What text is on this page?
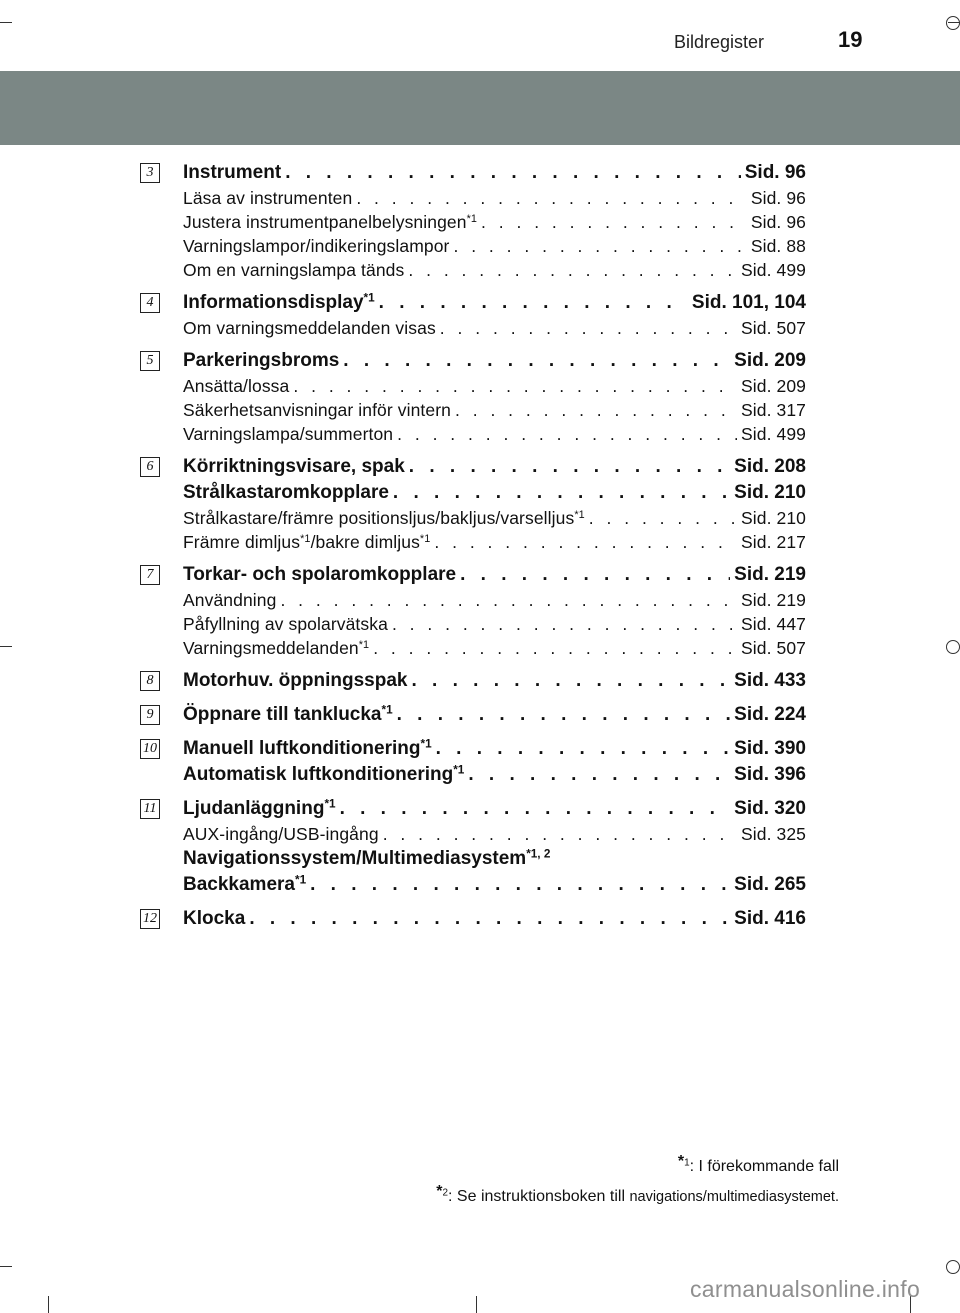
Bildregister	19
3	Instrument . . .	Sid. 96
Läsa av instrumenten . . .	Sid. 96
Justera instrumentpanelbelysningen$^{*1}$ . . .	Sid. 96
Varningslampor/indikeringslampor . . .	Sid. 88
Om en varningslampa tänds . . .	Sid. 499
4	Informationsdisplay$^{*1}$ . . .	Sid. 101, 104
Om varningsmeddelanden visas . . .	Sid. 507
5	Parkeringsbroms . . .	Sid. 209
Ansätta/lossa . . .	Sid. 209
Säkerhetsanvisningar inför vintern . . .	Sid. 317
Varningslampa/summerton . . .	Sid. 499
6	Körriktningsvisare, spak . . .	Sid. 208
Strålkastaromkopplare . . .	Sid. 210
Strålkastare/främre positionsljus/bakljus/varselljus$^{*1}$ . . .	Sid. 210
Främre dimljus$^{*1}$/bakre dimljus$^{*1}$ . . .	Sid. 217
7	Torkar- och spolaromkopplare . . .	Sid. 219
Användning . . .	Sid. 219
Påfyllning av spolarvätska . . .	Sid. 447
Varningsmeddelanden$^{*1}$ . . .	Sid. 507
8	Motorhuv. öppningsspak . . .	Sid. 433
9	Öppnare till tanklucka$^{*1}$ . . .	Sid. 224
10 Manuell luftkonditionering$^{*1}$ . . .	Sid. 390
Automatisk luftkonditionering$^{*1}$ . . .	Sid. 396
11 Ljudanläggning$^{*1}$ . . .	Sid. 320
AUX-ingång/USB-ingång . . .	Sid. 325
Navigationssystem/Multimediasystem$^{*1, 2}$
Backkamera$^{*1}$ . . .	Sid. 265
12 Klocka . . .	Sid. 416
$^{*1}$: I förekommande fall
$^{*2}$: Se instruktionsboken till navigations/multimediasystemet.
carmanualsonline.info
